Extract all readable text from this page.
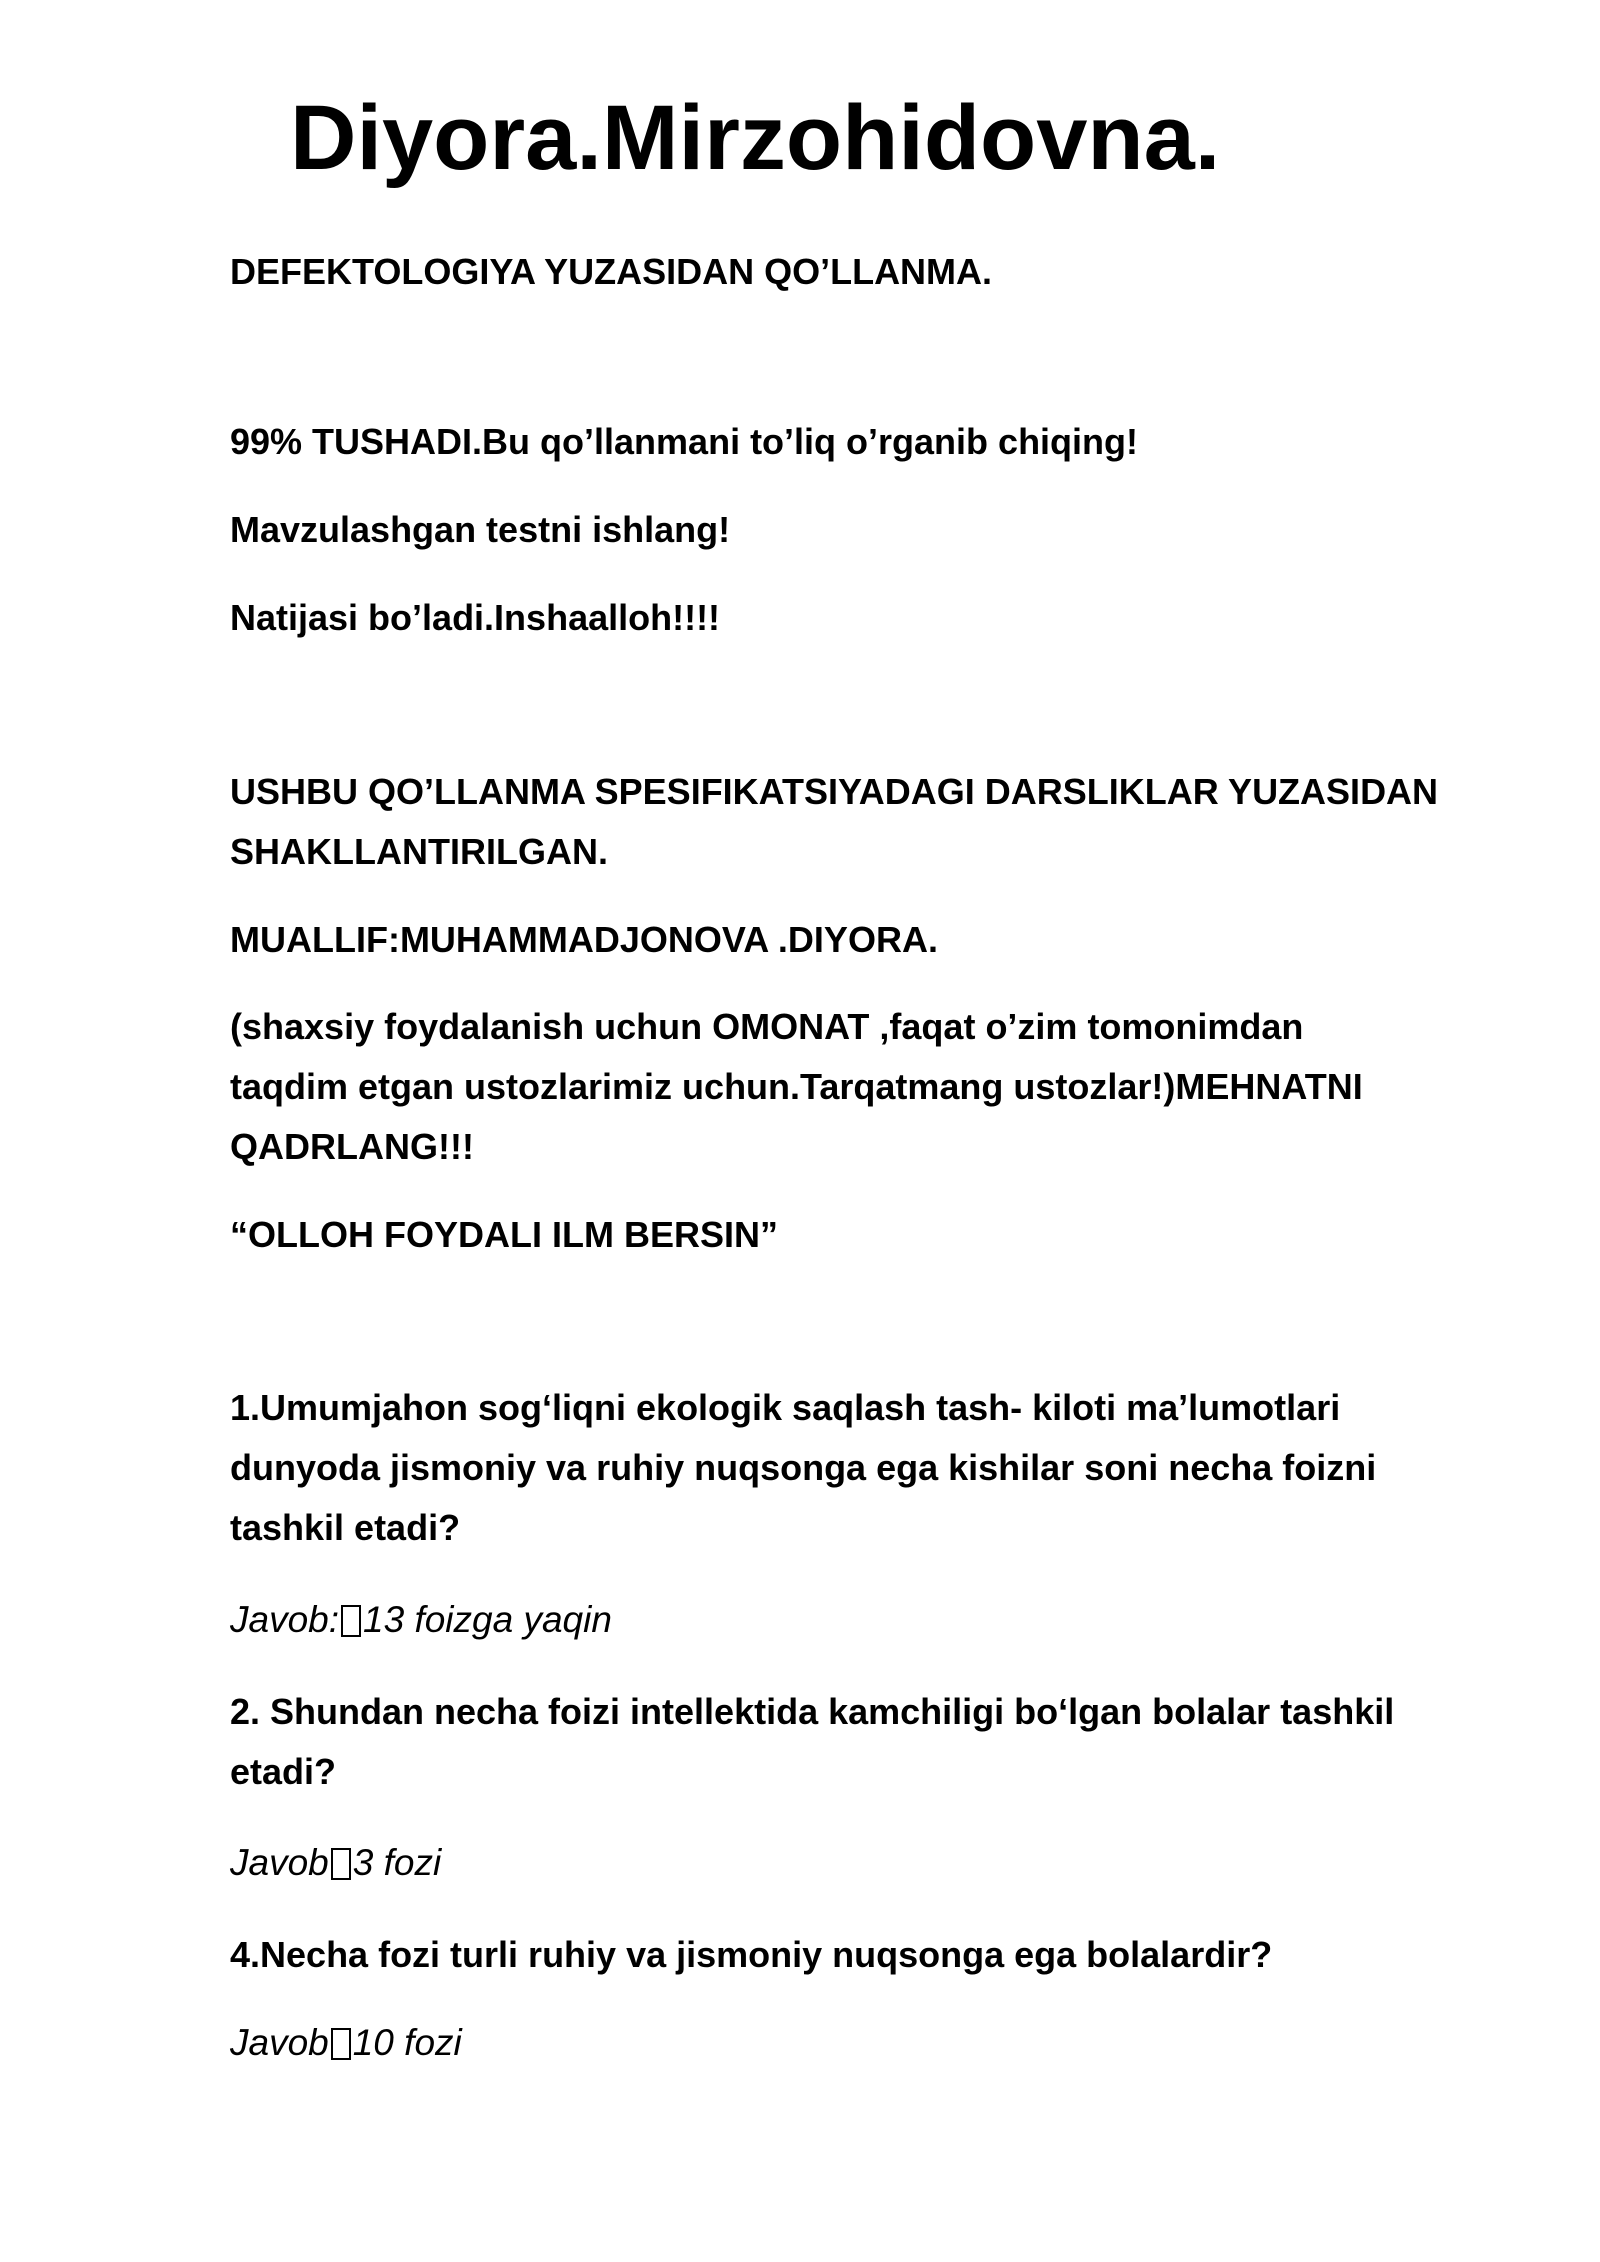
Diyora.Mirzohidovna.
DEFEKTOLOGIYA YUZASIDAN QO’LLANMA.
99% TUSHADI.Bu qo’llanmani to’liq o’rganib chiqing!
Mavzulashgan testni ishlang!
Natijasi bo’ladi.Inshaalloh!!!!
USHBU QO’LLANMA SPESIFIKATSIYADAGI DARSLIKLAR YUZASIDAN
SHAKLLANTIRILGAN.
MUALLIF:MUHAMMADJONOVA .DIYORA.
(shaxsiy foydalanish uchun OMONAT ,faqat o’zim tomonimdan
taqdim etgan ustozlarimiz uchun.Tarqatmang ustozlar!)MEHNATNI
QADRLANG!!!
“OLLOH FOYDALI ILM BERSIN”
1.Umumjahon sog‘liqni ekologik saqlash tash- kiloti ma’lumotlari
dunyoda jismoniy va ruhiy nuqsonga ega kishilar soni necha foizni
tashkil etadi?
Javob: 13 foizga yaqin
2. Shundan necha foizi intellektida kamchiligi bo‘lgan bolalar tashkil
etadi?
Javob 3 fozi
4.Necha fozi turli ruhiy va jismoniy nuqsonga ega bolalardir?
Javob 10 fozi
